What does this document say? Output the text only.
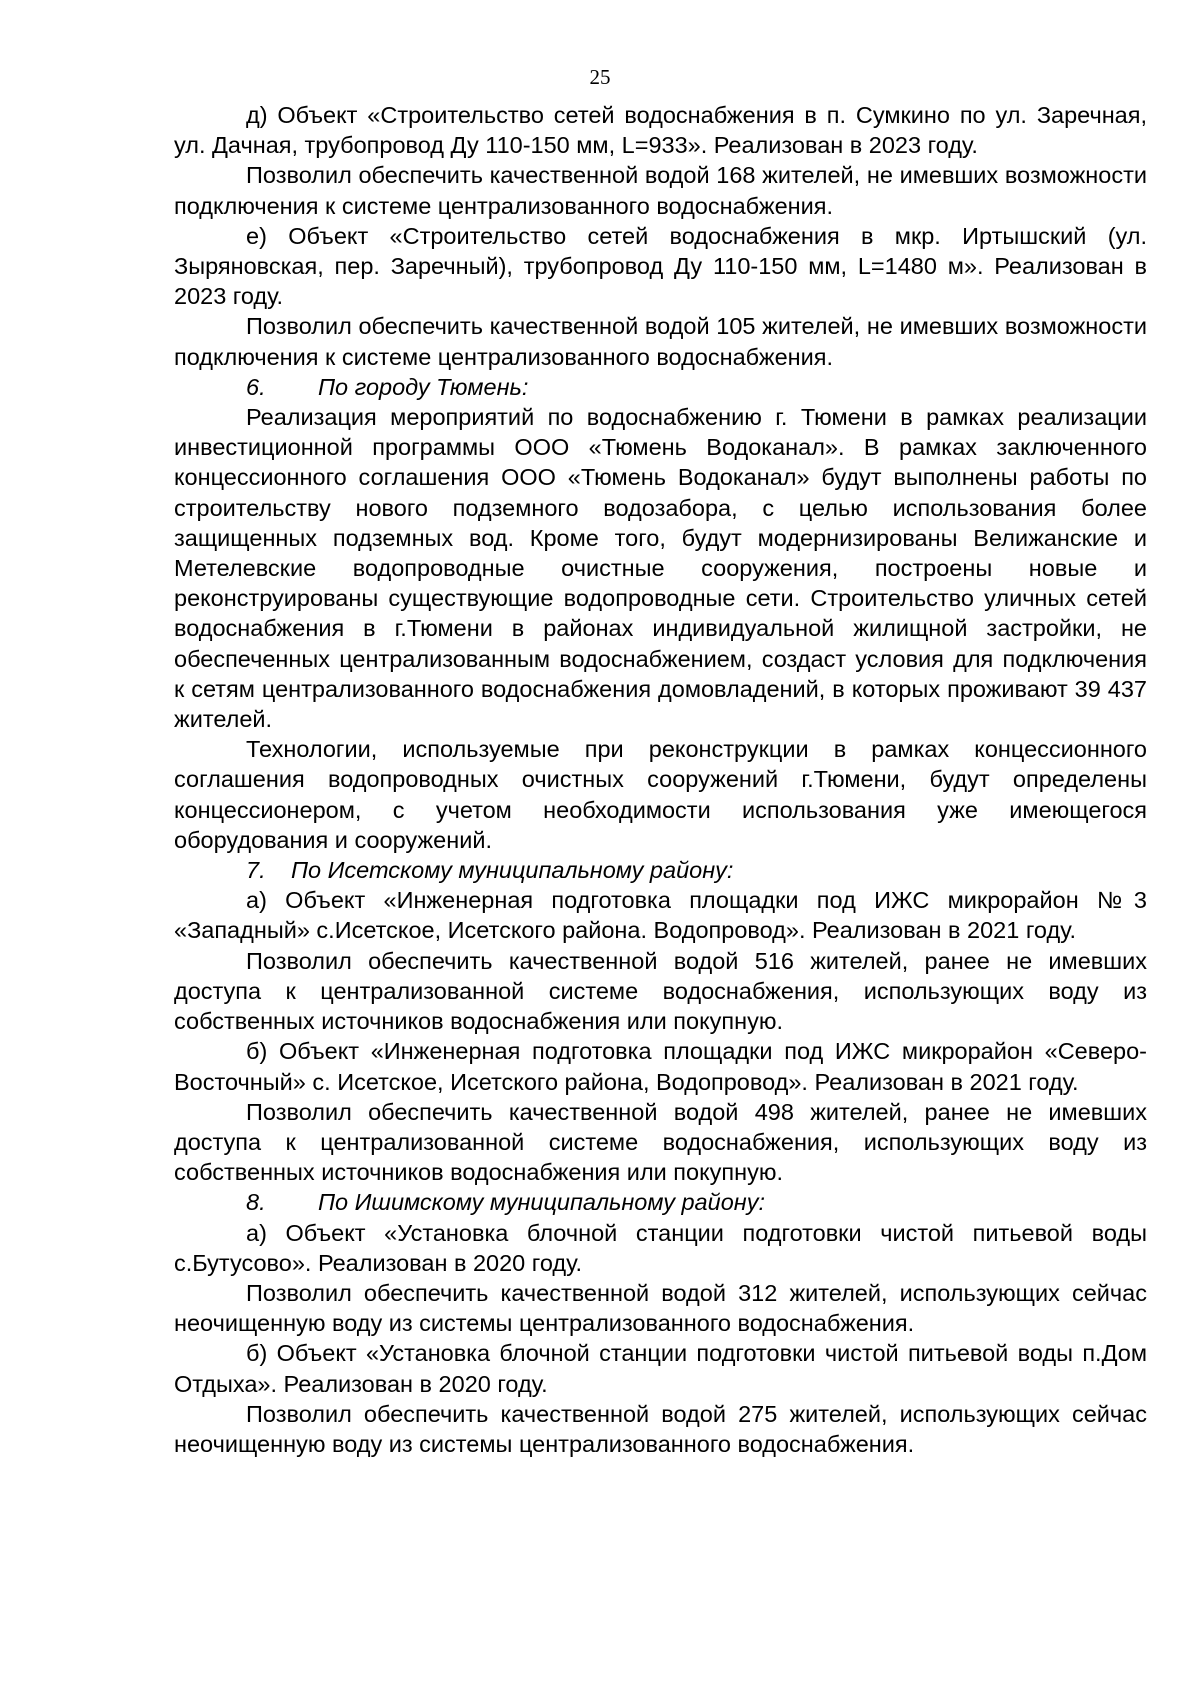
25

д) Объект «Строительство сетей водоснабжения в п. Сумкино по ул. Заречная, ул. Дачная, трубопровод Ду 110-150 мм, L=933». Реализован в 2023 году.

Позволил обеспечить качественной водой 168 жителей, не имевших возможности подключения к системе централизованного водоснабжения.

е) Объект «Строительство сетей водоснабжения в мкр. Иртышский (ул. Зыряновская, пер. Заречный), трубопровод Ду 110-150 мм, L=1480 м». Реализован в 2023 году.

Позволил обеспечить качественной водой 105 жителей, не имевших возможности подключения к системе централизованного водоснабжения.

6.	По городу Тюмень:

Реализация мероприятий по водоснабжению г. Тюмени в рамках реализации инвестиционной программы ООО «Тюмень Водоканал». В рамках заключенного концессионного соглашения ООО «Тюмень Водоканал» будут выполнены работы по строительству нового подземного водозабора, с целью использования более защищенных подземных вод. Кроме того, будут модернизированы Велижанские и Метелевские водопроводные очистные сооружения, построены новые и реконструированы существующие водопроводные сети. Строительство уличных сетей водоснабжения в г.Тюмени в районах индивидуальной жилищной застройки, не обеспеченных централизованным водоснабжением, создаст условия для подключения к сетям централизованного водоснабжения домовладений, в которых проживают 39 437 жителей.

Технологии, используемые при реконструкции в рамках концессионного соглашения водопроводных очистных сооружений г.Тюмени, будут определены концессионером, с учетом необходимости использования уже имеющегося оборудования и сооружений.

7.	По Исетскому муниципальному району:

а) Объект «Инженерная подготовка площадки под ИЖС микрорайон №3 «Западный» с.Исетское, Исетского района. Водопровод». Реализован в 2021 году.

Позволил обеспечить качественной водой 516 жителей, ранее не имевших доступа к централизованной системе водоснабжения, использующих воду из собственных источников водоснабжения или покупную.

б) Объект «Инженерная подготовка площадки под ИЖС микрорайон «Северо-Восточный» с. Исетское, Исетского района, Водопровод». Реализован в 2021 году.

Позволил обеспечить качественной водой 498 жителей, ранее не имевших доступа к централизованной системе водоснабжения, использующих воду из собственных источников водоснабжения или покупную.

8.	По Ишимскому муниципальному району:

а) Объект «Установка блочной станции подготовки чистой питьевой воды с.Бутусово». Реализован в 2020 году.

Позволил обеспечить качественной водой 312 жителей, использующих сейчас неочищенную воду из системы централизованного водоснабжения.

б) Объект «Установка блочной станции подготовки чистой питьевой воды п.Дом Отдыха». Реализован в 2020 году.

Позволил обеспечить качественной водой 275 жителей, использующих сейчас неочищенную воду из системы централизованного водоснабжения.
